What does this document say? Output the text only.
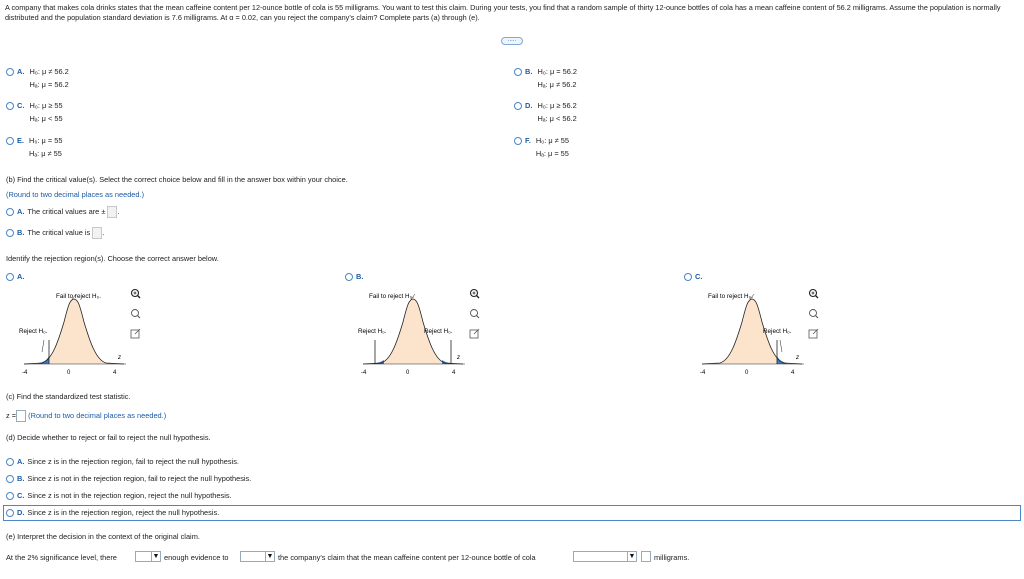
A company that makes cola drinks states that the mean caffeine content per 12-ounce bottle of cola is 55 milligrams. You want to test this claim. During your tests, you find that a random sample of thirty 12-ounce bottles of cola has a mean caffeine content of 56.2 milligrams. Assume the population is normally distributed and the population standard deviation is 7.6 milligrams. At α = 0.02, can you reject the company's claim? Complete parts (a) through (e).
.....
A. H₀: μ ≠ 56.2
Hₐ: μ = 56.2
B. H₀: μ = 56.2
Hₐ: μ ≠ 56.2
C. H₀: μ ≥ 55
Hₐ: μ < 55
D. H₀: μ ≥ 56.2
Hₐ: μ < 56.2
E. H₀: μ = 55
Hₐ: μ ≠ 55
F. H₀: μ ≠ 55
Hₐ: μ = 55
(b) Find the critical value(s). Select the correct choice below and fill in the answer box within your choice.
(Round to two decimal places as needed.)
A. The critical values are ± .
B. The critical value is .
Identify the rejection region(s). Choose the correct answer below.
A.	B.	C.
Fail to reject H₀.
Reject H₀.
-4	0	4
z
Fail to reject H₀.
Reject H₀.	Reject H₀.
-4	0	4
z
Fail to reject H₀.
Reject H₀.
-4	0	4
z
(c) Find the standardized test statistic.
z = (Round to two decimal places as needed.)
(d) Decide whether to reject or fail to reject the null hypothesis.
A. Since z is in the rejection region, fail to reject the null hypothesis.
B. Since z is not in the rejection region, fail to reject the null hypothesis.
C. Since z is not in the rejection region, reject the null hypothesis.
D. Since z is in the rejection region, reject the null hypothesis.
(e) Interpret the decision in the context of the original claim.
At the 2% significance level, there	▼ enough evidence to	▼ the company's claim that the mean caffeine content per 12-ounce bottle of cola	▼	milligrams.
